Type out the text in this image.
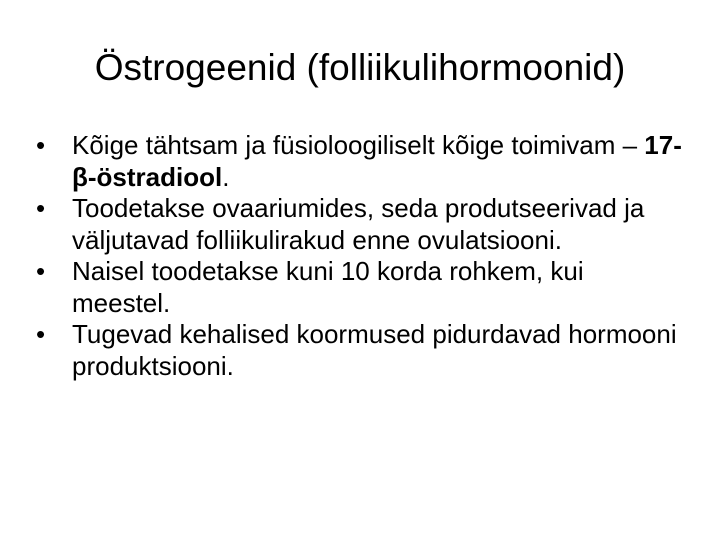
Östrogeenid (folliikulihormoonid)
•	Kõige tähtsam ja füsioloogiliselt kõige toimivam – 17-β-östradiool.
•	Toodetakse ovaariumides, seda produtseerivad ja väljutavad folliikulirakud enne ovulatsiooni.
•	Naisel toodetakse kuni 10 korda rohkem, kui meestel.
•	Tugevad kehalised koormused pidurdavad hormooni produktsiooni.
